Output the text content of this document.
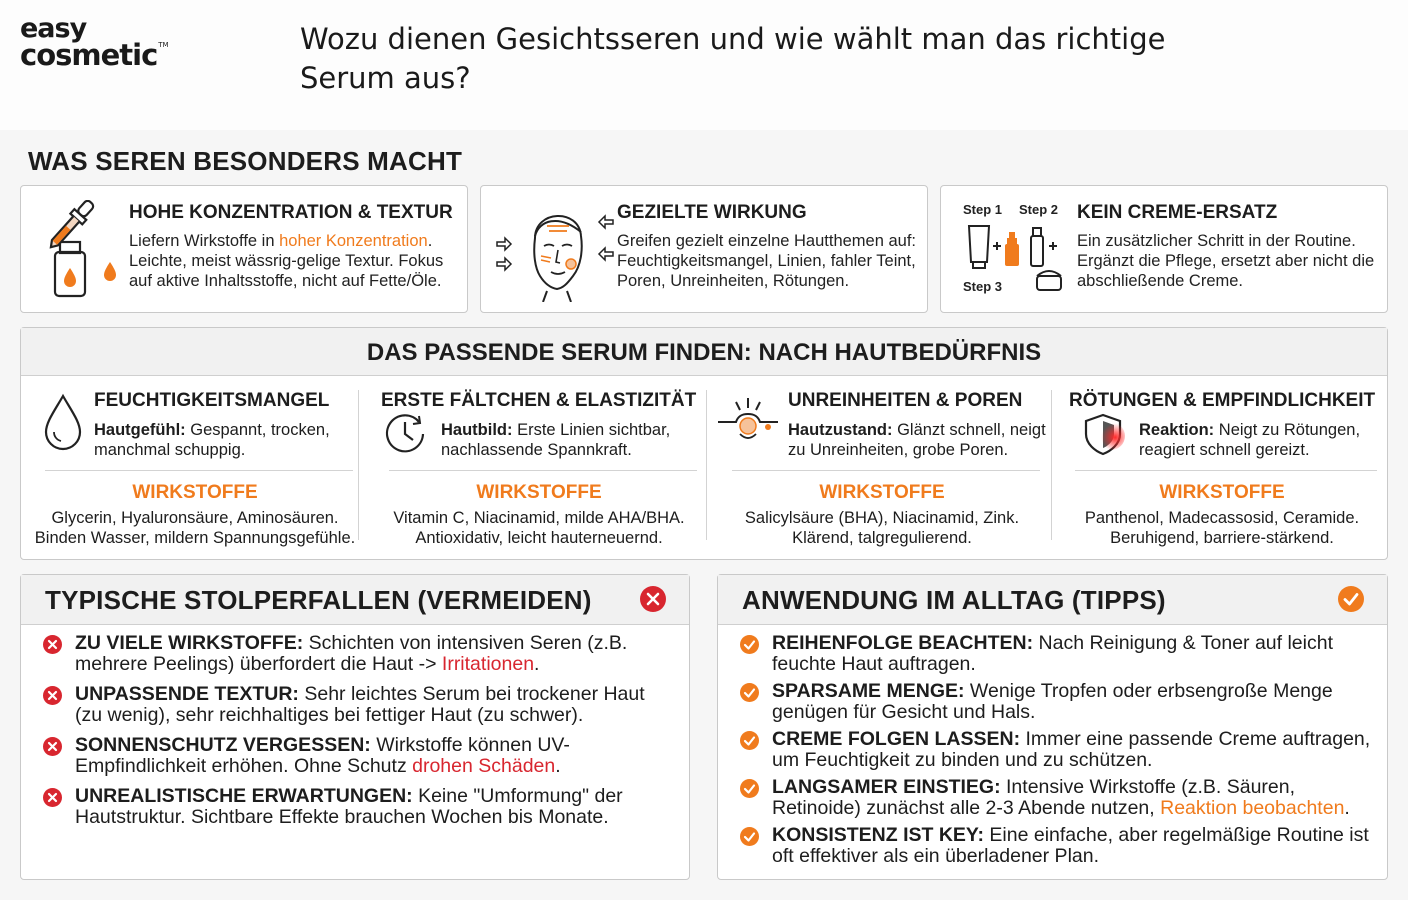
easy
cosmetic™	Wozu dienen Gesichtsseren und wie wählt man das richtige Serum aus?
WAS SEREN BESONDERS MACHT
HOHE KONZENTRATION & TEXTUR

Liefern Wirkstoffe in hoher Konzentration. Leichte, meist wässrig-gelige Textur. Fokus auf aktive Inhaltsstoffe, nicht auf Fette/Öle.

GEZIELTE WIRKUNG

Greifen gezielt einzelne Hautthemen auf: Feuchtigkeitsmangel, Linien, fahler Teint, Poren, Unreinheiten, Rötungen.

Step 1 Step 2
Step 3
KEIN CREME-ERSATZ

Ein zusätzlicher Schritt in der Routine. Ergänzt die Pflege, ersetzt aber nicht die abschließende Creme.

DAS PASSENDE SERUM FINDEN: NACH HAUTBEDÜRFNIS
FEUCHTIGKEITSMANGEL
Hautgefühl: Gespannt, trocken, manchmal schuppig.
WIRKSTOFFE
Glycerin, Hyaluronsäure, Aminosäuren. Binden Wasser, mildern Spannungsgefühle.
ERSTE FÄLTCHEN & ELASTIZITÄT
Hautbild: Erste Linien sichtbar, nachlassende Spannkraft.
WIRKSTOFFE
Vitamin C, Niacinamid, milde AHA/BHA. Antioxidativ, leicht hauterneuernd.
UNREINHEITEN & POREN
Hautzustand: Glänzt schnell, neigt zu Unreinheiten, grobe Poren.
WIRKSTOFFE
Salicylsäure (BHA), Niacinamid, Zink. Klärend, talgregulierend.
RÖTUNGEN & EMPFINDLICHKEIT
Reaktion: Neigt zu Rötungen, reagiert schnell gereizt.
WIRKSTOFFE
Panthenol, Madecassosid, Ceramide. Beruhigend, barriere-stärkend.
TYPISCHE STOLPERFALLEN (VERMEIDEN)
ZU VIELE WIRKSTOFFE: Schichten von intensiven Seren (z.B. mehrere Peelings) überfordert die Haut -> Irritationen.
UNPASSENDE TEXTUR: Sehr leichtes Serum bei trockener Haut (zu wenig), sehr reichhaltiges bei fettiger Haut (zu schwer).
SONNENSCHUTZ VERGESSEN: Wirkstoffe können UV-Empfindlichkeit erhöhen. Ohne Schutz drohen Schäden.
UNREALISTISCHE ERWARTUNGEN: Keine "Umformung" der Hautstruktur. Sichtbare Effekte brauchen Wochen bis Monate.
ANWENDUNG IM ALLTAG (TIPPS)
REIHENFOLGE BEACHTEN: Nach Reinigung & Toner auf leicht feuchte Haut auftragen.
SPARSAME MENGE: Wenige Tropfen oder erbsengroße Menge genügen für Gesicht und Hals.
CREME FOLGEN LASSEN: Immer eine passende Creme auftragen, um Feuchtigkeit zu binden und zu schützen.
LANGSAMER EINSTIEG: Intensive Wirkstoffe (z.B. Säuren, Retinoide) zunächst alle 2-3 Abende nutzen, Reaktion beobachten.
KONSISTENZ IST KEY: Eine einfache, aber regelmäßige Routine ist oft effektiver als ein überladener Plan.
